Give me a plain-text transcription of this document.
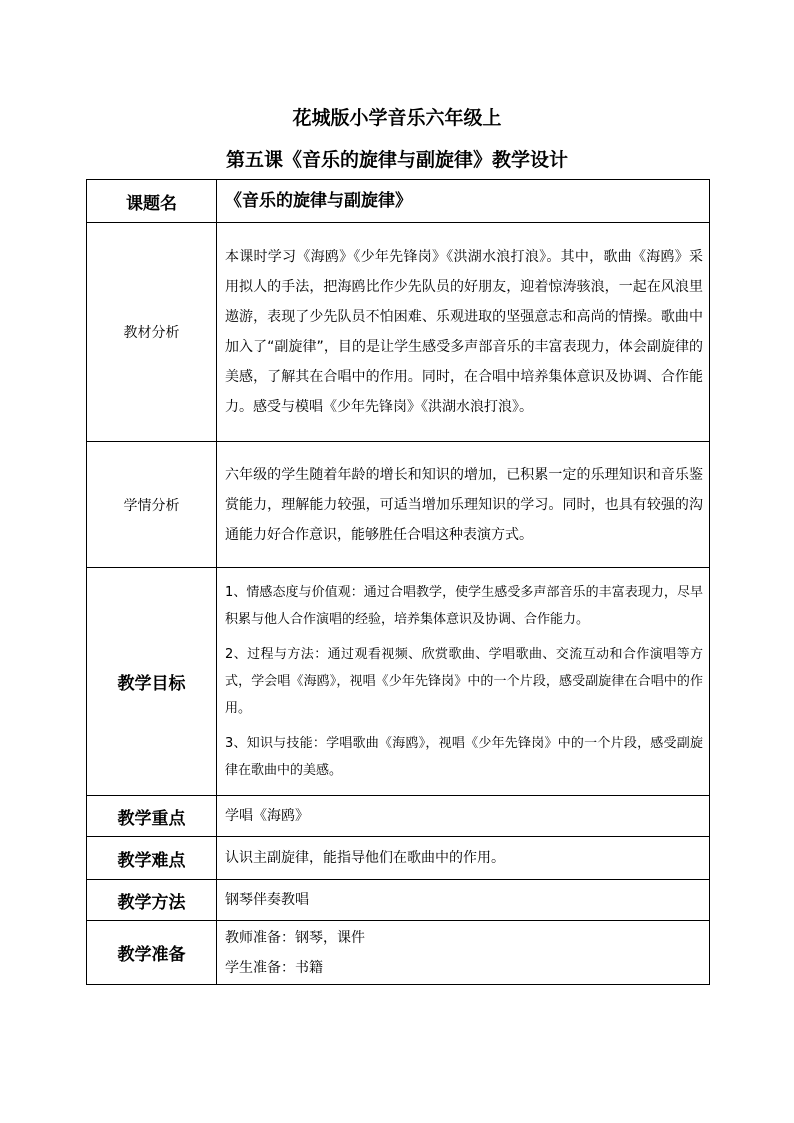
花城版小学音乐六年级上
第五课《音乐的旋律与副旋律》教学设计
课题名	《音乐的旋律与副旋律》
教材分析	本课时学习《海鸥》《少年先锋岗》《洪湖水浪打浪》。其中，歌曲《海鸥》采用拟人的手法，把海鸥比作少先队员的好朋友，迎着惊涛骇浪，一起在风浪里遨游，表现了少先队员不怕困难、乐观进取的坚强意志和高尚的情操。歌曲中加入了“副旋律”，目的是让学生感受多声部音乐的丰富表现力，体会副旋律的美感，了解其在合唱中的作用。同时，在合唱中培养集体意识及协调、合作能力。感受与模唱《少年先锋岗》《洪湖水浪打浪》。
学情分析	六年级的学生随着年龄的增长和知识的增加，已积累一定的乐理知识和音乐鉴赏能力，理解能力较强，可适当增加乐理知识的学习。同时，也具有较强的沟通能力好合作意识，能够胜任合唱这种表演方式。
教学目标	1、情感态度与价值观：通过合唱教学，使学生感受多声部音乐的丰富表现力，尽早积累与他人合作演唱的经验，培养集体意识及协调、合作能力。

2、过程与方法：通过观看视频、欣赏歌曲、学唱歌曲、交流互动和合作演唱等方式，学会唱《海鸥》，视唱《少年先锋岗》中的一个片段，感受副旋律在合唱中的作用。

3、知识与技能：学唱歌曲《海鸥》，视唱《少年先锋岗》中的一个片段，感受副旋律在歌曲中的美感。

教学重点	学唱《海鸥》
教学难点	认识主副旋律，能指导他们在歌曲中的作用。
教学方法	钢琴伴奏教唱
教学准备	教师准备：钢琴，课件
学生准备：书籍
